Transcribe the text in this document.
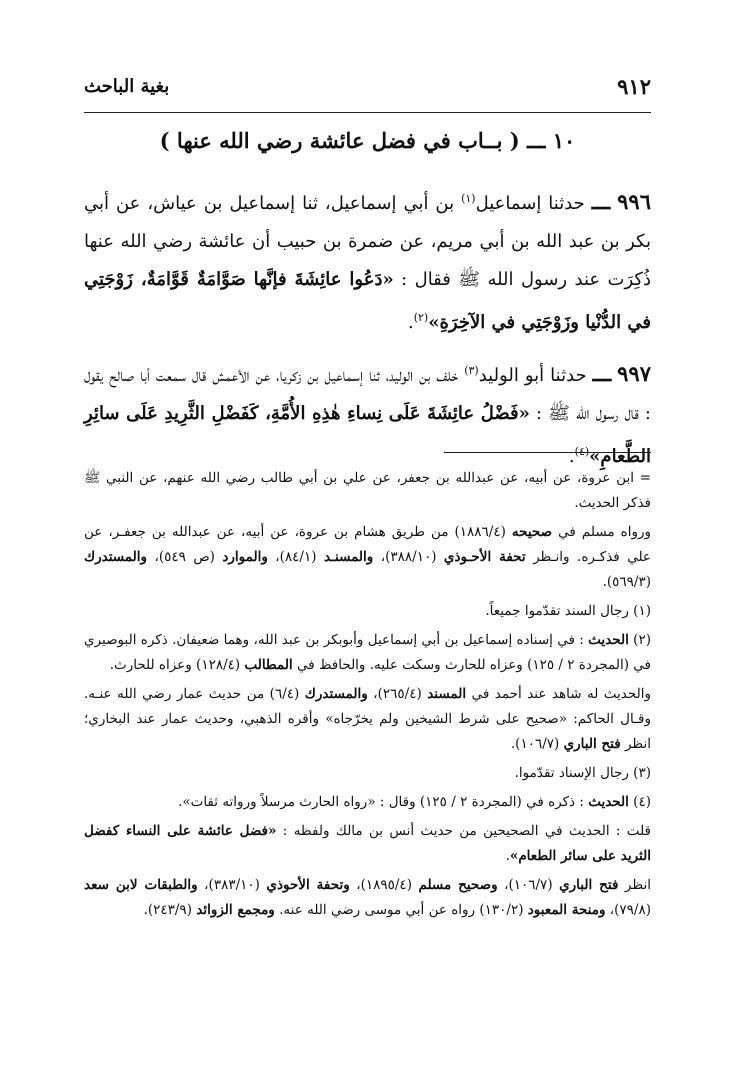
٩١٢
بغية الباحث
١٠ ـــ ( بــاب في فضل عائشة رضي الله عنها )

٩٩٦ ـــ حدثنا إسماعيل$^{(١)}$ بن أبي إسماعيل، ثنا إسماعيل بن عياش، عن أبي بكر بن عبد الله بن أبي مريم، عن ضمرة بن حبيب أن عائشة رضي الله عنها ذُكِرَت عند رسول الله ﷺ فقال : «دَعُوا عائِشَةَ فإنَّها صَوَّامَةٌ قَوَّامَةٌ، زَوْجَتِي في الدُّنْيا وزَوْجَتِي في الآخِرَةِ»$^{(٢)}$.

٩٩٧ ـــ حدثنا أبو الوليد$^{(٣)}$ خلف بن الوليد، ثنا إسماعيل بن زكريا، عن الأعمش قال سمعت أبا صالح يقول : قال رسول الله ﷺ : «فَضْلُ عائِشَةَ عَلَى نِساءِ هٰذِهِ الأُمَّةِ، كَفَضْلِ الثَّرِيدِ عَلَى سائِرِ الطَّعامِ»$^{(٤)}$.

= ابن عروة، عن أبيه، عن عبدالله بن جعفر، عن علي بن أبي طالب رضي الله عنهم، عن النبي ﷺ فذكر الحديث.

ورواه مسلم في صحيحه (١٨٨٦/٤) من طريق هشام بن عروة، عن أبيه، عن عبدالله بن جعفـر، عن علي فذكـره. وانـظر تحفة الأحـوذي (٣٨٨/١٠)، والمسنـد (٨٤/١)، والموارد (ص ٥٤٩)، والمستدرك (٥٦٩/٣).

(١) رجال السند تقدّموا جميعاً.

(٢) الحديث : في إسناده إسماعيل بن أبي إسماعيل وأبوبكر بن عبد الله، وهما ضعيفان. ذكره البوصيري في (المجردة ٢ / ١٢٥) وعزاه للحارث وسكت عليه. والحافظ في المطالب (١٢٨/٤) وعزاه للحارث.

والحديث له شاهد عند أحمد في المسند (٢٦٥/٤)، والمستدرك (٦/٤) من حديث عمار رضي الله عنـه. وقـال الحاكم: «صحيح على شرط الشيخين ولم يخرّجاه» وأقره الذهبي، وحديث عمار عند البخاري؛ انظر فتح الباري (١٠٦/٧).

(٣) رجال الإسناد تقدّموا.

(٤) الحديث : ذكره في (المجردة ٢ / ١٢٥) وقال : «رواه الحارث مرسلاً ورواته ثقات».

قلت : الحديث في الصحيحين من حديث أنس بن مالك ولفظه : «فضل عائشة على النساء كفضل الثريد على سائر الطعام».

انظر فتح الباري (١٠٦/٧)، وصحيح مسلم (١٨٩٥/٤)، وتحفة الأحوذي (٣٨٣/١٠)، والطبقات لابن سعد (٧٩/٨)، ومنحة المعبود (١٣٠/٢) رواه عن أبي موسى رضي الله عنه. ومجمع الزوائد (٢٤٣/٩).
